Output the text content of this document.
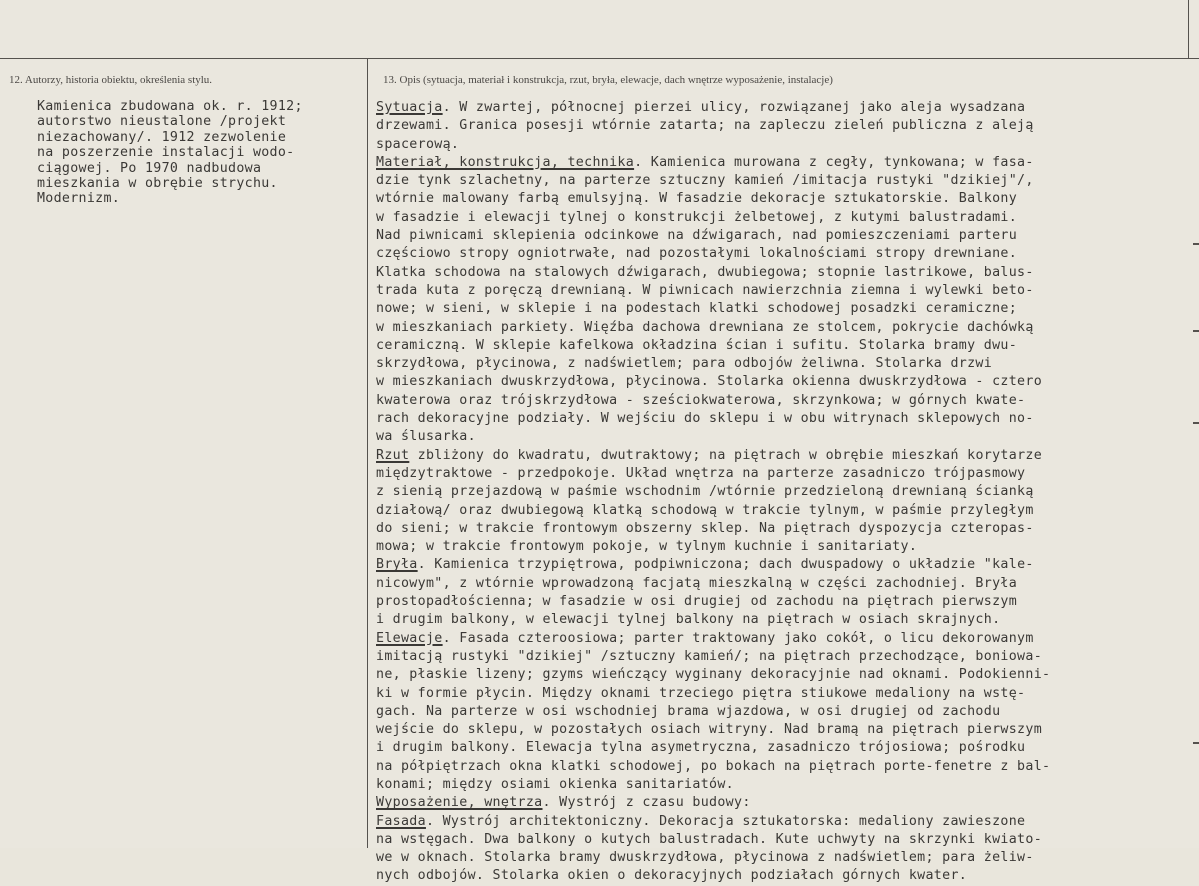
12. Autorzy, historia obiektu, określenia stylu.	13. Opis (sytuacja, materiał i konstrukcja, rzut, bryła, elewacje, dach wnętrze wyposażenie, instalacje)
Kamienica zbudowana ok. r. 1912;
autorstwo nieustalone /projekt
niezachowany/. 1912 zezwolenie
na poszerzenie instalacji wodo-
ciągowej. Po 1970 nadbudowa
mieszkania w obrębie strychu.
Modernizm.
Sytuacja. W zwartej, północnej pierzei ulicy, rozwiązanej jako aleja wysadzana
drzewami. Granica posesji wtórnie zatarta; na zapleczu zieleń publiczna z aleją
spacerową.
Materiał, konstrukcja, technika. Kamienica murowana z cegły, tynkowana; w fasa-
dzie tynk szlachetny, na parterze sztuczny kamień /imitacja rustyki "dzikiej"/,
wtórnie malowany farbą emulsyjną. W fasadzie dekoracje sztukatorskie. Balkony
w fasadzie i elewacji tylnej o konstrukcji żelbetowej, z kutymi balustradami.
Nad piwnicami sklepienia odcinkowe na dźwigarach, nad pomieszczeniami parteru
częściowo stropy ogniotrwałe, nad pozostałymi lokalnościami stropy drewniane.
Klatka schodowa na stalowych dźwigarach, dwubiegowa; stopnie lastrikowe, balus-
trada kuta z poręczą drewnianą. W piwnicach nawierzchnia ziemna i wylewki beto-
nowe; w sieni, w sklepie i na podestach klatki schodowej posadzki ceramiczne;
w mieszkaniach parkiety. Więźba dachowa drewniana ze stolcem, pokrycie dachówką
ceramiczną. W sklepie kafelkowa okładzina ścian i sufitu. Stolarka bramy dwu-
skrzydłowa, płycinowa, z nadświetlem; para odbojów żeliwna. Stolarka drzwi
w mieszkaniach dwuskrzydłowa, płycinowa. Stolarka okienna dwuskrzydłowa - cztero
kwaterowa oraz trójskrzydłowa - sześciokwaterowa, skrzynkowa; w górnych kwate-
rach dekoracyjne podziały. W wejściu do sklepu i w obu witrynach sklepowych no-
wa ślusarka.
Rzut zbliżony do kwadratu, dwutraktowy; na piętrach w obrębie mieszkań korytarze
międzytraktowe - przedpokoje. Układ wnętrza na parterze zasadniczo trójpasmowy
z sienią przejazdową w paśmie wschodnim /wtórnie przedzieloną drewnianą ścianką
działową/ oraz dwubiegową klatką schodową w trakcie tylnym, w paśmie przyległym
do sieni; w trakcie frontowym obszerny sklep. Na piętrach dyspozycja czteropas-
mowa; w trakcie frontowym pokoje, w tylnym kuchnie i sanitariaty.
Bryła. Kamienica trzypiętrowa, podpiwniczona; dach dwuspadowy o układzie "kale-
nicowym", z wtórnie wprowadzoną facjatą mieszkalną w części zachodniej. Bryła
prostopadłościenna; w fasadzie w osi drugiej od zachodu na piętrach pierwszym
i drugim balkony, w elewacji tylnej balkony na piętrach w osiach skrajnych.
Elewacje. Fasada czteroosiowa; parter traktowany jako cokół, o licu dekorowanym
imitacją rustyki "dzikiej" /sztuczny kamień/; na piętrach przechodzące, boniowa-
ne, płaskie lizeny; gzyms wieńczący wyginany dekoracyjnie nad oknami. Podokienni-
ki w formie płycin. Między oknami trzeciego piętra stiukowe medaliony na wstę-
gach. Na parterze w osi wschodniej brama wjazdowa, w osi drugiej od zachodu
wejście do sklepu, w pozostałych osiach witryny. Nad bramą na piętrach pierwszym
i drugim balkony. Elewacja tylna asymetryczna, zasadniczo trójosiowa; pośrodku
na półpiętrzach okna klatki schodowej, po bokach na piętrach porte-fenetre z bal-
konami; między osiami okienka sanitariatów.
Wyposażenie, wnętrza. Wystrój z czasu budowy:
Fasada. Wystrój architektoniczny. Dekoracja sztukatorska: medaliony zawieszone
na wstęgach. Dwa balkony o kutych balustradach. Kute uchwyty na skrzynki kwiato-
we w oknach. Stolarka bramy dwuskrzydłowa, płycinowa z nadświetlem; para żeliw-
nych odbojów. Stolarka okien o dekoracyjnych podziałach górnych kwater.
